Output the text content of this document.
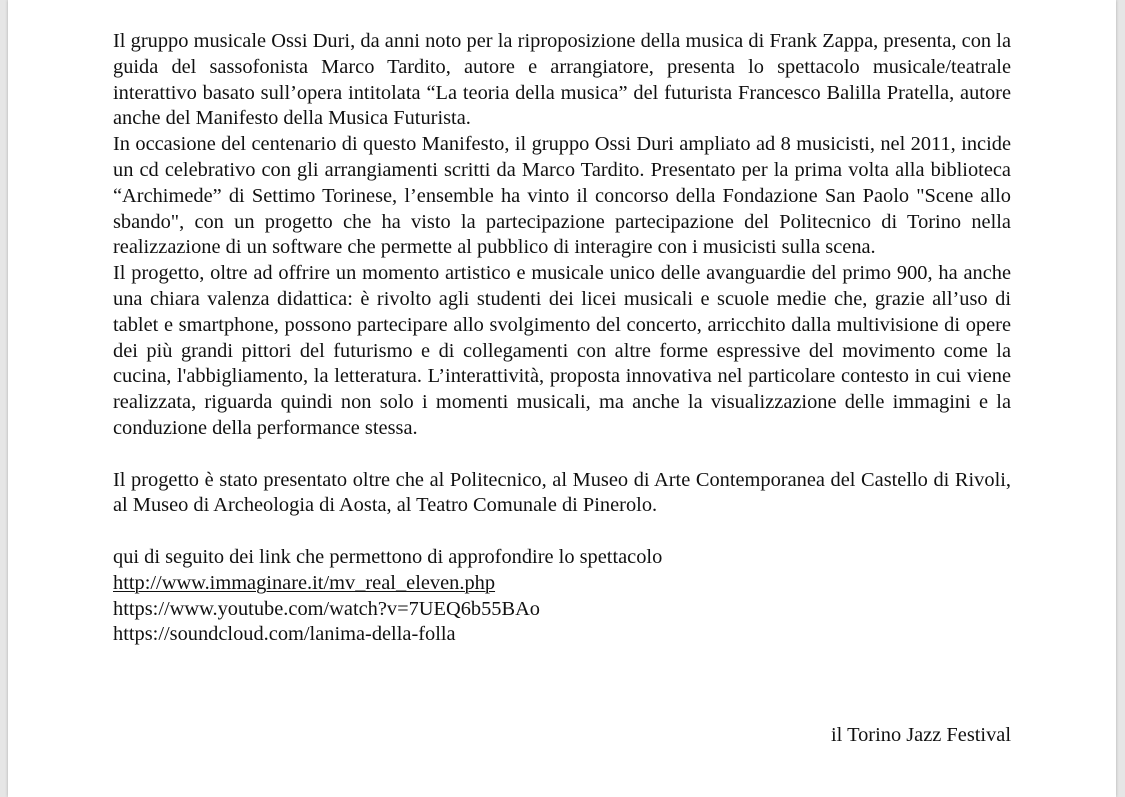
Il gruppo musicale Ossi Duri, da anni noto per la riproposizione della musica di Frank Zappa, presenta, con la guida del sassofonista Marco Tardito, autore e arrangiatore, presenta lo spettacolo musicale/teatrale interattivo basato sull’opera intitolata “La teoria della musica” del futurista Francesco Balilla Pratella, autore anche del Manifesto della Musica Futurista.

In occasione del centenario di questo Manifesto, il gruppo Ossi Duri ampliato ad 8 musicisti, nel 2011, incide un cd celebrativo con gli arrangiamenti scritti da Marco Tardito. Presentato per la prima volta alla biblioteca “Archimede” di Settimo Torinese, l’ensemble ha vinto il concorso della Fondazione San Paolo "Scene allo sbando", con un progetto che ha visto la partecipazione partecipazione del Politecnico di Torino nella realizzazione di un software che permette al pubblico di interagire con i musicisti sulla scena.

Il progetto, oltre ad offrire un momento artistico e musicale unico delle avanguardie del primo 900, ha anche una chiara valenza didattica: è rivolto agli studenti dei licei musicali e scuole medie che, grazie all’uso di tablet e smartphone, possono partecipare allo svolgimento del concerto, arricchito dalla multivisione di opere dei più grandi pittori del futurismo e di collegamenti con altre forme espressive del movimento come la cucina, l'abbigliamento, la letteratura. L’interattività, proposta innovativa nel particolare contesto in cui viene realizzata, riguarda quindi non solo i momenti musicali, ma anche la visualizzazione delle immagini e la conduzione della performance stessa.

Il progetto è stato presentato oltre che al Politecnico, al Museo di Arte Contemporanea del Castello di Rivoli, al Museo di Archeologia di Aosta, al Teatro Comunale di Pinerolo.

qui di seguito dei link che permettono di approfondire lo spettacolo

http://www.immaginare.it/mv_real_eleven.php

https://www.youtube.com/watch?v=7UEQ6b55BAo

https://soundcloud.com/lanima-della-folla

il Torino Jazz Festival
